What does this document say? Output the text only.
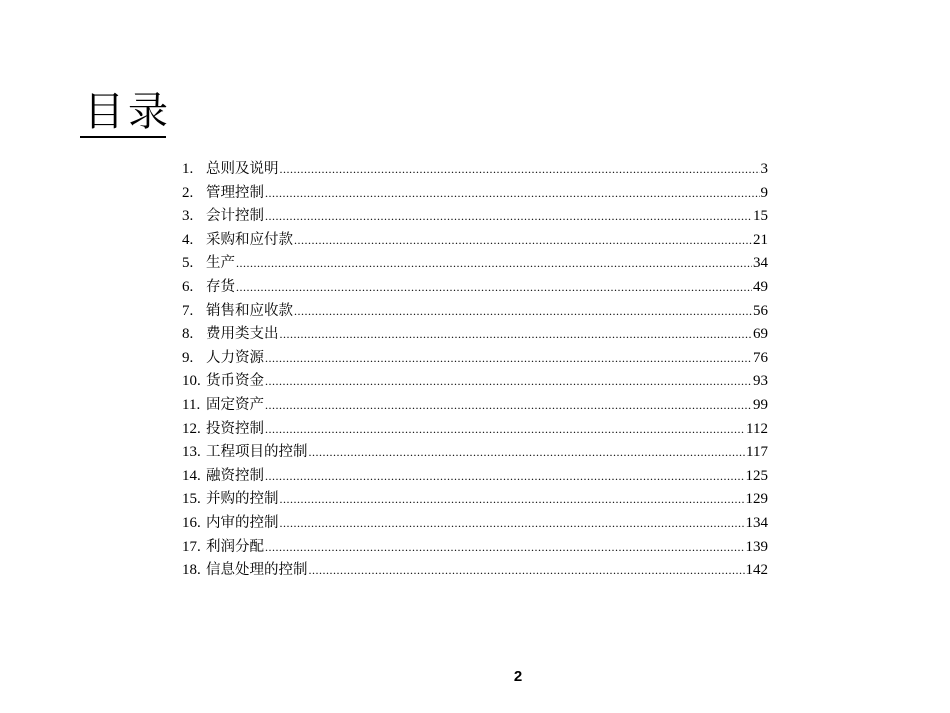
目录
1. 总则及说明 .....	3
2. 管理控制 .....	9
3. 会计控制 .....	15
4. 采购和应付款 .....	21
5. 生产 .....	34
6. 存货 .....	49
7. 销售和应收款 .....	56
8. 费用类支出 .....	69
9. 人力资源 .....	76
10. 货币资金 .....	93
11. 固定资产 .....	99
12. 投资控制 .....	112
13. 工程项目的控制 .....	117
14. 融资控制 .....	125
15. 并购的控制 .....	129
16. 内审的控制 .....	134
17. 利润分配 .....	139
18. 信息处理的控制 .....	142
2
